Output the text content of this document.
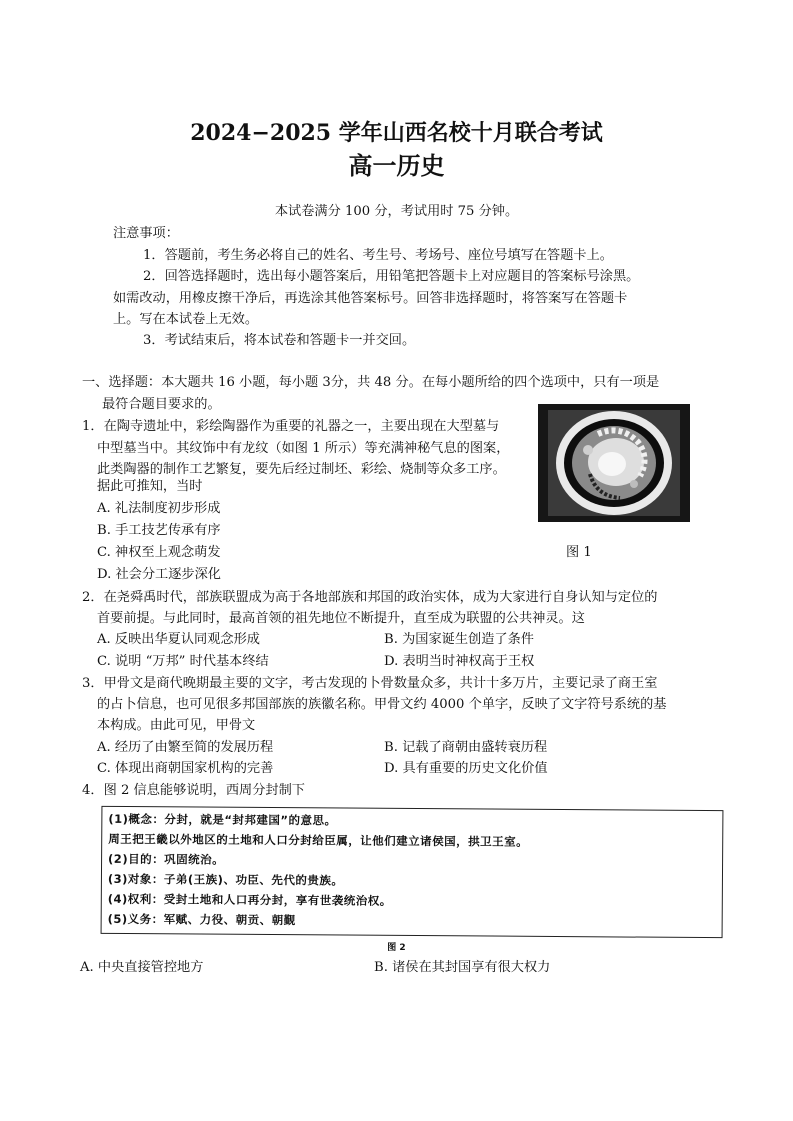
2024−2025 学年山西名校十月联合考试
高一历史
本试卷满分 100 分，考试用时 75 分钟。
注意事项：
1．答题前，考生务必将自己的姓名、考生号、考场号、座位号填写在答题卡上。
2．回答选择题时，选出每小题答案后，用铅笔把答题卡上对应题目的答案标号涂黑。
如需改动，用橡皮擦干净后，再选涂其他答案标号。回答非选择题时，将答案写在答题卡
上。写在本试卷上无效。
3．考试结束后，将本试卷和答题卡一并交回。
一、选择题：本大题共 16 小题，每小题 3分，共 48 分。在每小题所给的四个选项中，只有一项是
最符合题目要求的。
1．在陶寺遗址中，彩绘陶器作为重要的礼器之一，主要出现在大型墓与
中型墓当中。其纹饰中有龙纹（如图 1 所示）等充满神秘气息的图案，
此类陶器的制作工艺繁复，要先后经过制坯、彩绘、烧制等众多工序。
据此可推知，当时
A. 礼法制度初步形成
B. 手工技艺传承有序
C. 神权至上观念萌发
D. 社会分工逐步深化
图 1
2．在尧舜禹时代，部族联盟成为高于各地部族和邦国的政治实体，成为大家进行自身认知与定位的
首要前提。与此同时，最高首领的祖先地位不断提升，直至成为联盟的公共神灵。这
A. 反映出华夏认同观念形成	B. 为国家诞生创造了条件
C. 说明 “万邦” 时代基本终结	D. 表明当时神权高于王权
3．甲骨文是商代晚期最主要的文字，考古发现的卜骨数量众多，共计十多万片，主要记录了商王室
的占卜信息，也可见很多邦国部族的族徽名称。甲骨文约 4000 个单字，反映了文字符号系统的基
本构成。由此可见，甲骨文
A. 经历了由繁至简的发展历程	B. 记载了商朝由盛转衰历程
C. 体现出商朝国家机构的完善	D. 具有重要的历史文化价值
4．图 2 信息能够说明，西周分封制下
(1)概念：分封，就是“封邦建国”的意思。
周王把王畿以外地区的土地和人口分封给臣属，让他们建立诸侯国，拱卫王室。
(2)目的：巩固统治。
(3)对象：子弟(王族)、功臣、先代的贵族。
(4)权利：受封土地和人口再分封，享有世袭统治权。
(5)义务：军赋、力役、朝贡、朝觐
图 2
A. 中央直接管控地方	B. 诸侯在其封国享有很大权力
